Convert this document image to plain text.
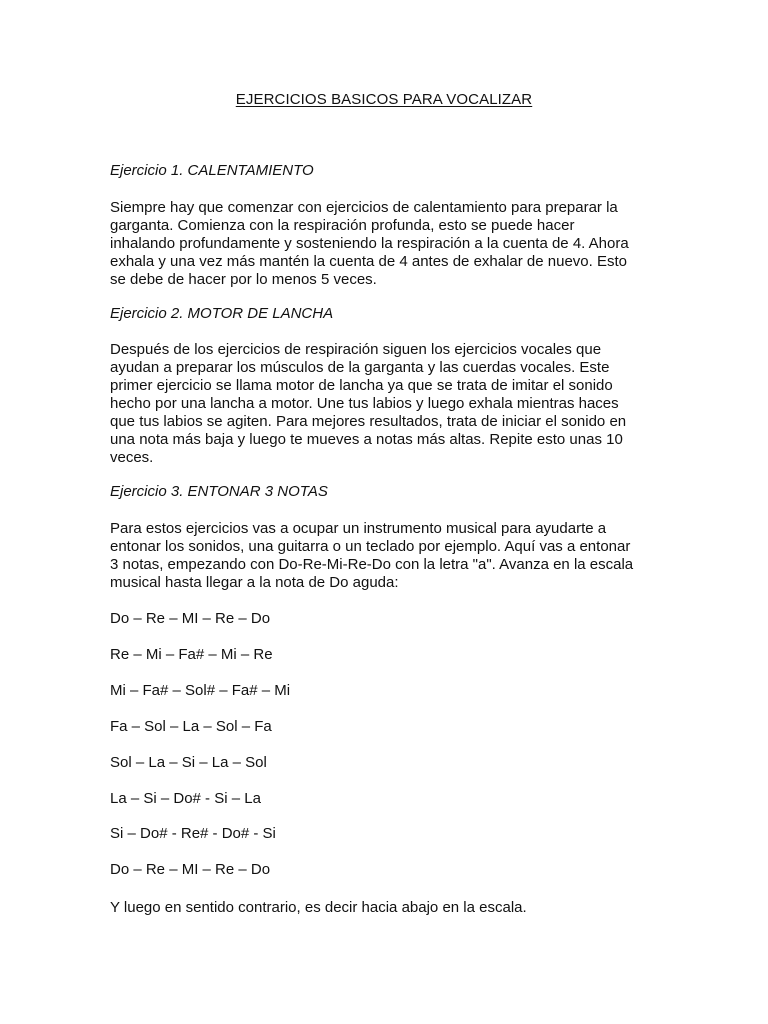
EJERCICIOS BASICOS PARA VOCALIZAR
Ejercicio 1. CALENTAMIENTO
Siempre hay que comenzar con ejercicios de calentamiento para preparar la
garganta. Comienza con la respiración profunda, esto se puede hacer
inhalando profundamente y sosteniendo la respiración a la cuenta de 4. Ahora
exhala y una vez más mantén la cuenta de 4 antes de exhalar de nuevo. Esto
se debe de hacer por lo menos 5 veces.
Ejercicio 2. MOTOR DE LANCHA
Después de los ejercicios de respiración siguen los ejercicios vocales que
ayudan a preparar los músculos de la garganta y las cuerdas vocales. Este
primer ejercicio se llama motor de lancha ya que se trata de imitar el sonido
hecho por una lancha a motor. Une tus labios y luego exhala mientras haces
que tus labios se agiten. Para mejores resultados, trata de iniciar el sonido en
una nota más baja y luego te mueves a notas más altas. Repite esto unas 10
veces.
Ejercicio 3. ENTONAR 3 NOTAS
Para estos ejercicios vas a ocupar un instrumento musical para ayudarte a
entonar los sonidos, una guitarra o un teclado por ejemplo. Aquí vas a entonar
3 notas, empezando con Do-Re-Mi-Re-Do con la letra "a". Avanza en la escala
musical hasta llegar a la nota de Do aguda:
Do – Re – MI – Re – Do
Re – Mi – Fa# – Mi – Re
Mi – Fa# – Sol# – Fa# – Mi
Fa – Sol – La – Sol – Fa
Sol – La – Si – La – Sol
La – Si – Do# - Si – La
Si – Do# - Re# - Do# - Si
Do – Re – MI – Re – Do
Y luego en sentido contrario, es decir hacia abajo en la escala.
